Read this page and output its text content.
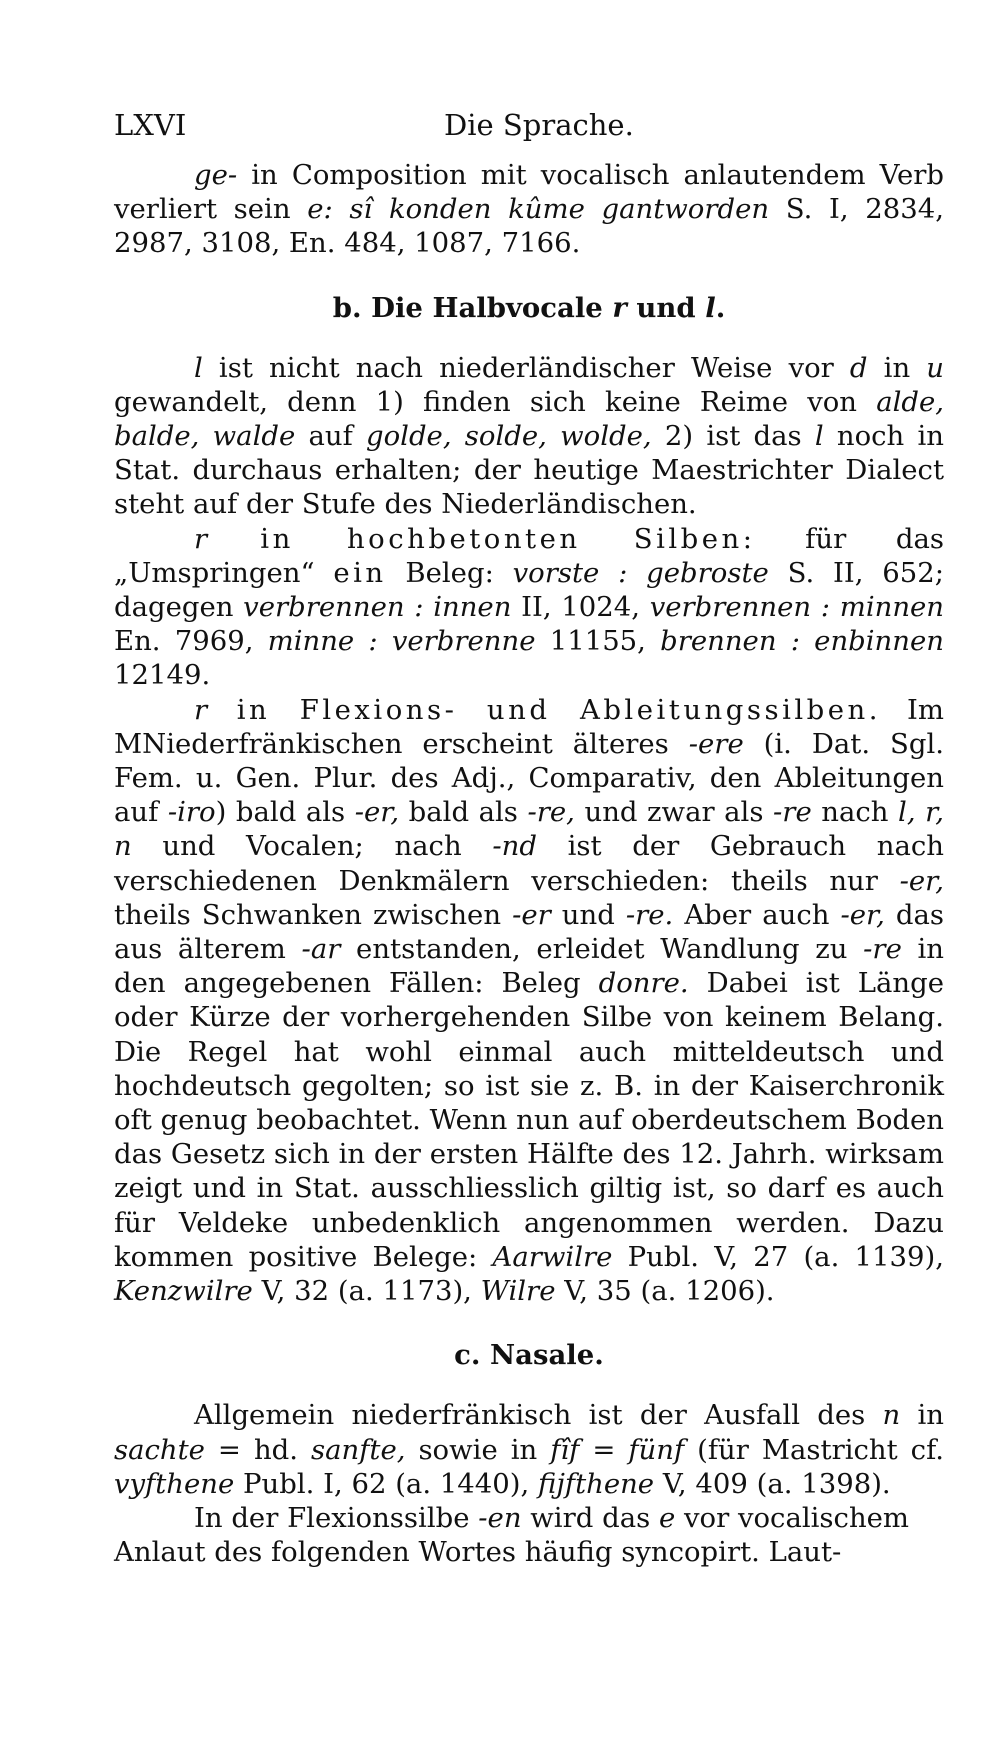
LXVI	Die Sprache.

ge- in Composition mit vocalisch anlautendem Verb verliert sein e: sî konden kûme gantworden S. I, 2834, 2987, 3108, En. 484, 1087, 7166.

b. Die Halbvocale r und l.

l ist nicht nach niederländischer Weise vor d in u gewandelt, denn 1) finden sich keine Reime von alde, balde, walde auf golde, solde, wolde, 2) ist das l noch in Stat. durchaus erhalten; der heutige Maestrichter Dialect steht auf der Stufe des Niederländischen.

r in hochbetonten Silben: für das „Umspringen“ ein Beleg: vorste : gebroste S. II, 652; dagegen verbrennen : innen II, 1024, verbrennen : minnen En. 7969, minne : verbrenne 11155, brennen : enbinnen 12149.

r in Flexions- und Ableitungssilben. Im MNiederfränkischen erscheint älteres -ere (i. Dat. Sgl. Fem. u. Gen. Plur. des Adj., Comparativ, den Ableitungen auf -iro) bald als -er, bald als -re, und zwar als -re nach l, r, n und Vocalen; nach -nd ist der Gebrauch nach verschiedenen Denkmälern verschieden: theils nur -er, theils Schwanken zwischen -er und -re. Aber auch -er, das aus älterem -ar entstanden, erleidet Wandlung zu -re in den angegebenen Fällen: Beleg donre. Dabei ist Länge oder Kürze der vorhergehenden Silbe von keinem Belang. Die Regel hat wohl einmal auch mitteldeutsch und hochdeutsch gegolten; so ist sie z. B. in der Kaiserchronik oft genug beobachtet. Wenn nun auf oberdeutschem Boden das Gesetz sich in der ersten Hälfte des 12. Jahrh. wirksam zeigt und in Stat. ausschliesslich giltig ist, so darf es auch für Veldeke unbedenklich angenommen werden. Dazu kommen positive Belege: Aarwilre Publ. V, 27 (a. 1139), Kenzwilre V, 32 (a. 1173), Wilre V, 35 (a. 1206).

c. Nasale.

Allgemein niederfränkisch ist der Ausfall des n in sachte = hd. sanfte, sowie in fîf = fünf (für Mastricht cf. vyfthene Publ. I, 62 (a. 1440), fijfthene V, 409 (a. 1398).

In der Flexionssilbe -en wird das e vor vocalischem Anlaut des folgenden Wortes häufig syncopirt. Laut-
